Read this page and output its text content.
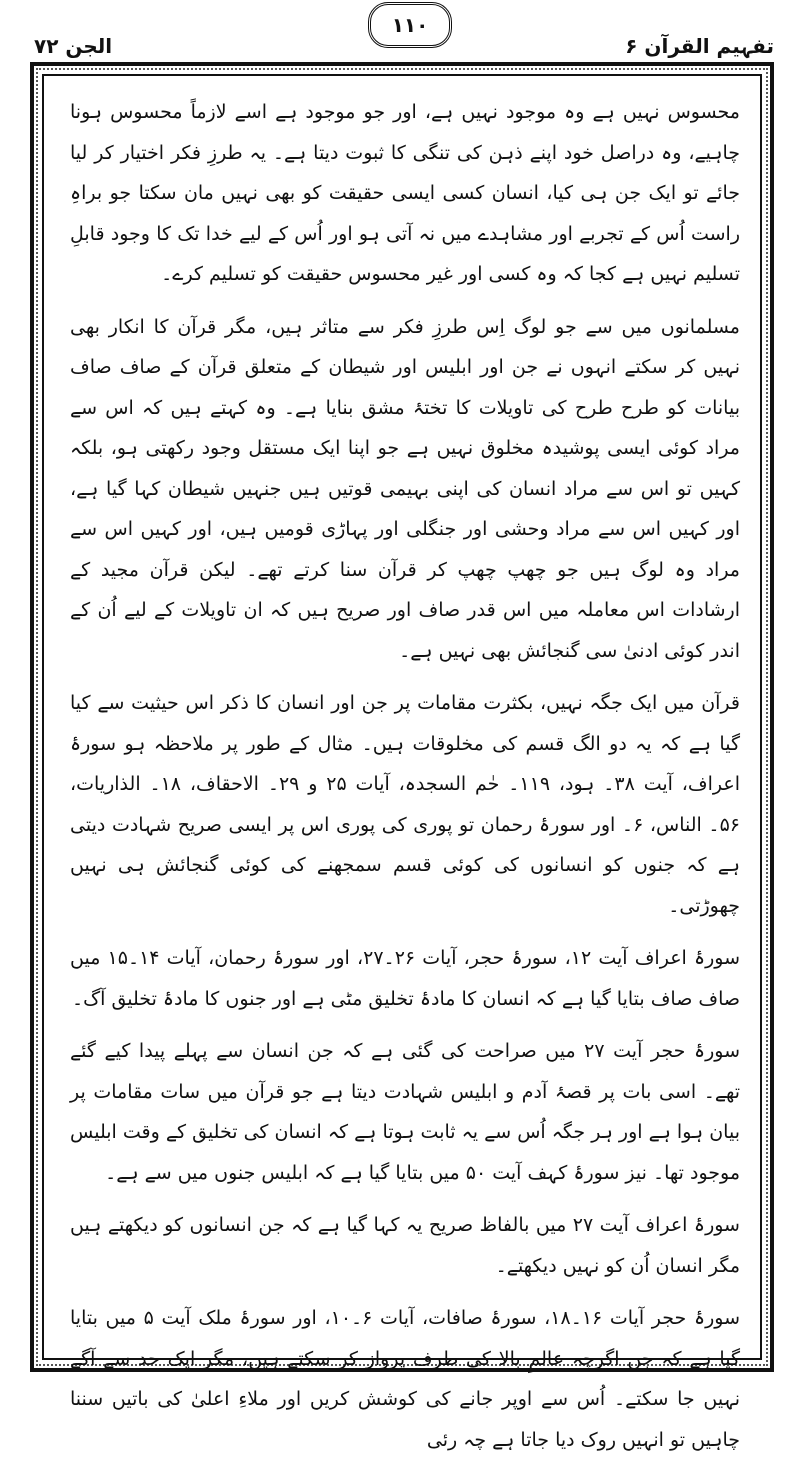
الجن ۷۲
۱۱۰
تفہیم القرآن ۶

محسوس نہیں ہے وہ موجود نہیں ہے، اور جو موجود ہے اسے لازماً محسوس ہونا چاہیے، وہ دراصل خود اپنے ذہن کی تنگی کا ثبوت دیتا ہے۔ یہ طرزِ فکر اختیار کر لیا جائے تو ایک جن ہی کیا، انسان کسی ایسی حقیقت کو بھی نہیں مان سکتا جو براہِ راست اُس کے تجربے اور مشاہدے میں نہ آتی ہو اور اُس کے لیے خدا تک کا وجود قابلِ تسلیم نہیں ہے کجا کہ وہ کسی اور غیر محسوس حقیقت کو تسلیم کرے۔

مسلمانوں میں سے جو لوگ اِس طرزِ فکر سے متاثر ہیں، مگر قرآن کا انکار بھی نہیں کر سکتے انہوں نے جن اور ابلیس اور شیطان کے متعلق قرآن کے صاف صاف بیانات کو طرح طرح کی تاویلات کا تختۂ مشق بنایا ہے۔ وہ کہتے ہیں کہ اس سے مراد کوئی ایسی پوشیدہ مخلوق نہیں ہے جو اپنا ایک مستقل وجود رکھتی ہو، بلکہ کہیں تو اس سے مراد انسان کی اپنی بہیمی قوتیں ہیں جنہیں شیطان کہا گیا ہے، اور کہیں اس سے مراد وحشی اور جنگلی اور پہاڑی قومیں ہیں، اور کہیں اس سے مراد وہ لوگ ہیں جو چھپ چھپ کر قرآن سنا کرتے تھے۔ لیکن قرآن مجید کے ارشادات اس معاملہ میں اس قدر صاف اور صریح ہیں کہ ان تاویلات کے لیے اُن کے اندر کوئی ادنیٰ سی گنجائش بھی نہیں ہے۔

قرآن میں ایک جگہ نہیں، بکثرت مقامات پر جن اور انسان کا ذکر اس حیثیت سے کیا گیا ہے کہ یہ دو الگ قسم کی مخلوقات ہیں۔ مثال کے طور پر ملاحظہ ہو سورۂ اعراف، آیت ۳۸۔ ہود، ۱۱۹۔ حٰم السجدہ، آیات ۲۵ و ۲۹۔ الاحقاف، ۱۸۔ الذاریات، ۵۶۔ الناس، ۶۔ اور سورۂ رحمان تو پوری کی پوری اس پر ایسی صریح شہادت دیتی ہے کہ جنوں کو انسانوں کی کوئی قسم سمجھنے کی کوئی گنجائش ہی نہیں چھوڑتی۔

سورۂ اعراف آیت ۱۲، سورۂ حجر، آیات ۲۶۔۲۷، اور سورۂ رحمان، آیات ۱۴۔۱۵ میں صاف صاف بتایا گیا ہے کہ انسان کا مادۂ تخلیق مٹی ہے اور جنوں کا مادۂ تخلیق آگ۔

سورۂ حجر آیت ۲۷ میں صراحت کی گئی ہے کہ جن انسان سے پہلے پیدا کیے گئے تھے۔ اسی بات پر قصۂ آدم و ابلیس شہادت دیتا ہے جو قرآن میں سات مقامات پر بیان ہوا ہے اور ہر جگہ اُس سے یہ ثابت ہوتا ہے کہ انسان کی تخلیق کے وقت ابلیس موجود تھا۔ نیز سورۂ کہف آیت ۵۰ میں بتایا گیا ہے کہ ابلیس جنوں میں سے ہے۔

سورۂ اعراف آیت ۲۷ میں بالفاظ صریح یہ کہا گیا ہے کہ جن انسانوں کو دیکھتے ہیں مگر انسان اُن کو نہیں دیکھتے۔

سورۂ حجر آیات ۱۶۔۱۸، سورۂ صافات، آیات ۶۔۱۰، اور سورۂ ملک آیت ۵ میں بتایا گیا ہے کہ جن اگرچہ عالمِ بالا کی طرف پرواز کر سکتے ہیں، مگر ایک حد سے آگے نہیں جا سکتے۔ اُس سے اوپر جانے کی کوشش کریں اور ملاءِ اعلیٰ کی باتیں سننا چاہیں تو انہیں روک دیا جاتا ہے چہ رئی
